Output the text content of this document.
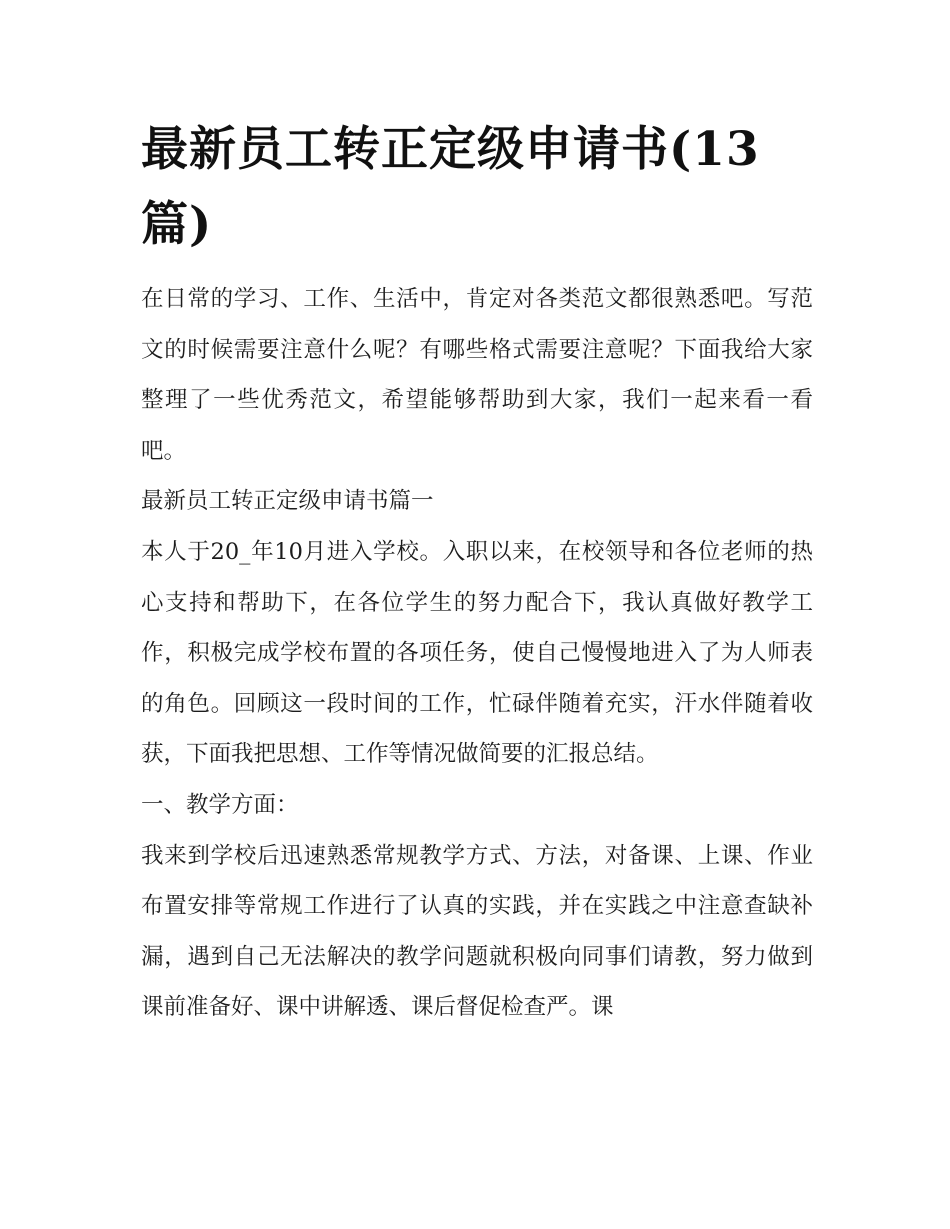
最新员工转正定级申请书(13篇)

在日常的学习、工作、生活中，肯定对各类范文都很熟悉吧。写范文的时候需要注意什么呢？有哪些格式需要注意呢？下面我给大家整理了一些优秀范文，希望能够帮助到大家，我们一起来看一看吧。

最新员工转正定级申请书篇一

本人于20_年10月进入学校。入职以来，在校领导和各位老师的热心支持和帮助下，在各位学生的努力配合下，我认真做好教学工作，积极完成学校布置的各项任务，使自己慢慢地进入了为人师表的角色。回顾这一段时间的工作，忙碌伴随着充实，汗水伴随着收获，下面我把思想、工作等情况做简要的汇报总结。

一、教学方面：

我来到学校后迅速熟悉常规教学方式、方法，对备课、上课、作业布置安排等常规工作进行了认真的实践，并在实践之中注意查缺补漏，遇到自己无法解决的教学问题就积极向同事们请教，努力做到课前准备好、课中讲解透、课后督促检查严。课
